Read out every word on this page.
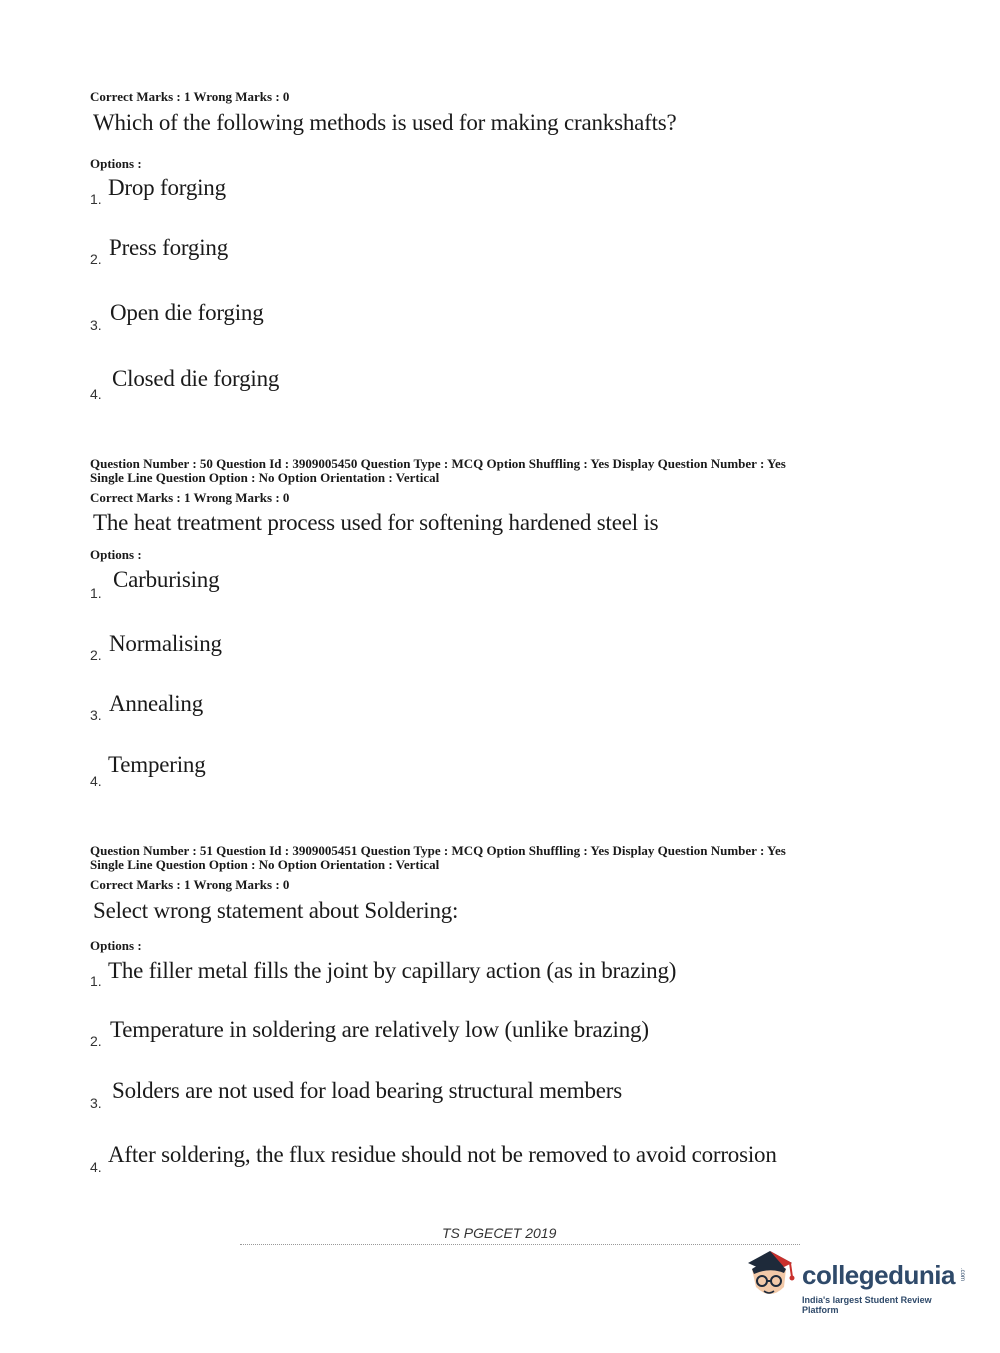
Correct Marks : 1 Wrong Marks : 0
Which of the following methods is used for making crankshafts?
Options :
1. Drop forging
2. Press forging
3. Open die forging
4.
Closed die forging
Question Number : 50 Question Id : 3909005450 Question Type : MCQ Option Shuffling : Yes Display Question Number : Yes
Single Line Question Option : No Option Orientation : Vertical
Correct Marks : 1 Wrong Marks : 0
The heat treatment process used for softening hardened steel is
Options :
1.
Carburising
2. Normalising
3. Annealing
4.
Tempering
Question Number : 51 Question Id : 3909005451 Question Type : MCQ Option Shuffling : Yes Display Question Number : Yes
Single Line Question Option : No Option Orientation : Vertical
Correct Marks : 1 Wrong Marks : 0
Select wrong statement about Soldering:
Options :
1. The filler metal fills the joint by capillary action (as in brazing)
2. Temperature in soldering are relatively low (unlike brazing)
3. Solders are not used for load bearing structural members
4. After soldering, the flux residue should not be removed to avoid corrosion
TS PGECET 2019
collegedunia .com
India's largest Student Review Platform
